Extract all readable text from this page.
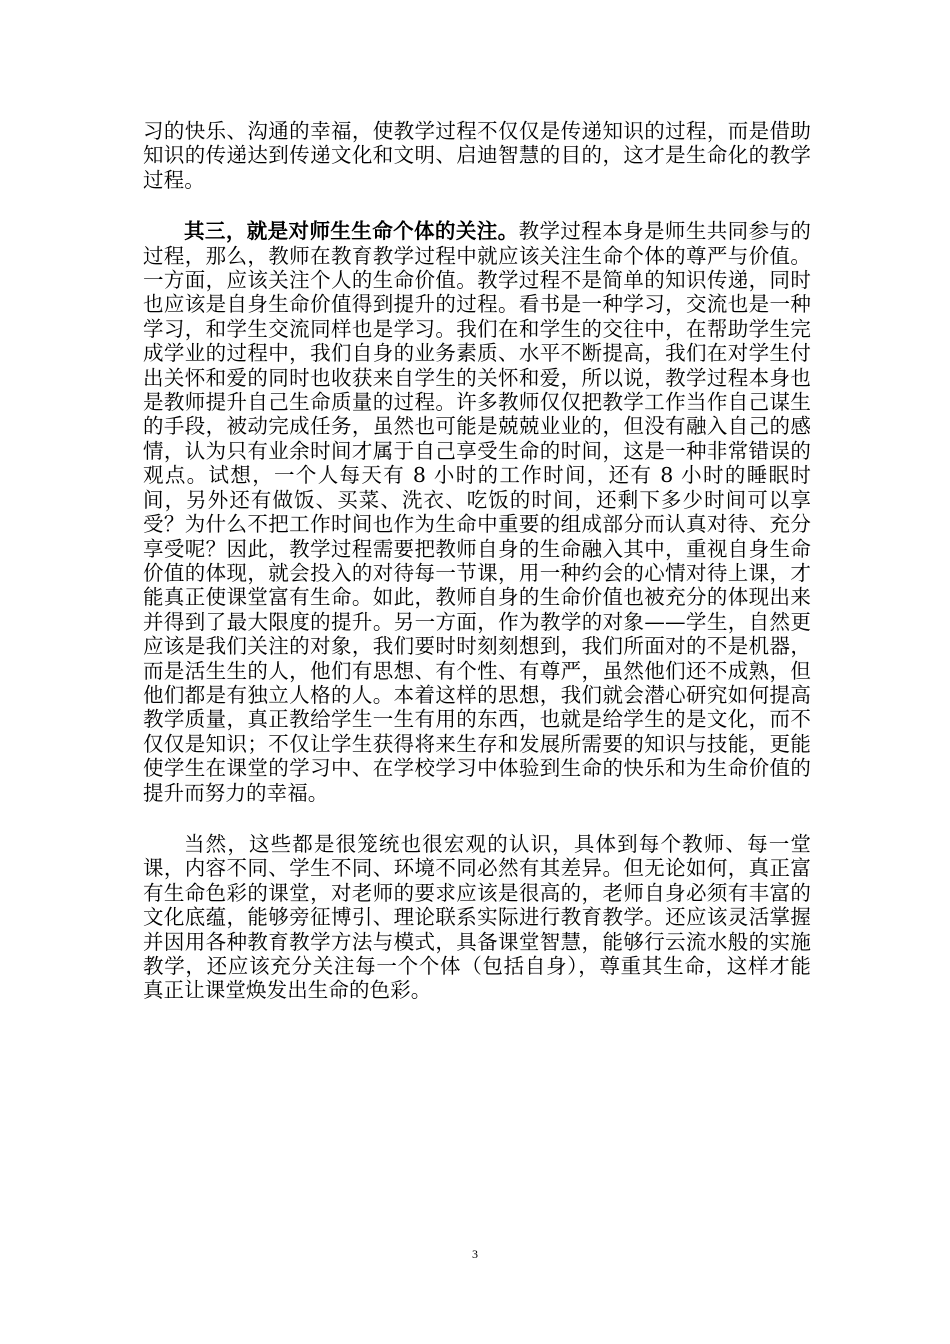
习的快乐、沟通的幸福，使教学过程不仅仅是传递知识的过程，而是借助知识的传递达到传递文化和文明、启迪智慧的目的，这才是生命化的教学过程。

其三，就是对师生生命个体的关注。教学过程本身是师生共同参与的过程，那么，教师在教育教学过程中就应该关注生命个体的尊严与价值。一方面，应该关注个人的生命价值。教学过程不是简单的知识传递，同时也应该是自身生命价值得到提升的过程。看书是一种学习，交流也是一种学习，和学生交流同样也是学习。我们在和学生的交往中，在帮助学生完成学业的过程中，我们自身的业务素质、水平不断提高，我们在对学生付出关怀和爱的同时也收获来自学生的关怀和爱，所以说，教学过程本身也是教师提升自己生命质量的过程。许多教师仅仅把教学工作当作自己谋生的手段，被动完成任务，虽然也可能是兢兢业业的，但没有融入自己的感情，认为只有业余时间才属于自己享受生命的时间，这是一种非常错误的观点。试想，一个人每天有 8 小时的工作时间，还有 8 小时的睡眠时间，另外还有做饭、买菜、洗衣、吃饭的时间，还剩下多少时间可以享受？为什么不把工作时间也作为生命中重要的组成部分而认真对待、充分享受呢？因此，教学过程需要把教师自身的生命融入其中，重视自身生命价值的体现，就会投入的对待每一节课，用一种约会的心情对待上课，才能真正使课堂富有生命。如此，教师自身的生命价值也被充分的体现出来并得到了最大限度的提升。另一方面，作为教学的对象——学生，自然更应该是我们关注的对象，我们要时时刻刻想到，我们所面对的不是机器，而是活生生的人，他们有思想、有个性、有尊严，虽然他们还不成熟，但他们都是有独立人格的人。本着这样的思想，我们就会潜心研究如何提高教学质量，真正教给学生一生有用的东西，也就是给学生的是文化，而不仅仅是知识；不仅让学生获得将来生存和发展所需要的知识与技能，更能使学生在课堂的学习中、在学校学习中体验到生命的快乐和为生命价值的提升而努力的幸福。

当然，这些都是很笼统也很宏观的认识，具体到每个教师、每一堂课，内容不同、学生不同、环境不同必然有其差异。但无论如何，真正富有生命色彩的课堂，对老师的要求应该是很高的，老师自身必须有丰富的文化底蕴，能够旁征博引、理论联系实际进行教育教学。还应该灵活掌握并因用各种教育教学方法与模式，具备课堂智慧，能够行云流水般的实施教学，还应该充分关注每一个个体（包括自身），尊重其生命，这样才能真正让课堂焕发出生命的色彩。

3
